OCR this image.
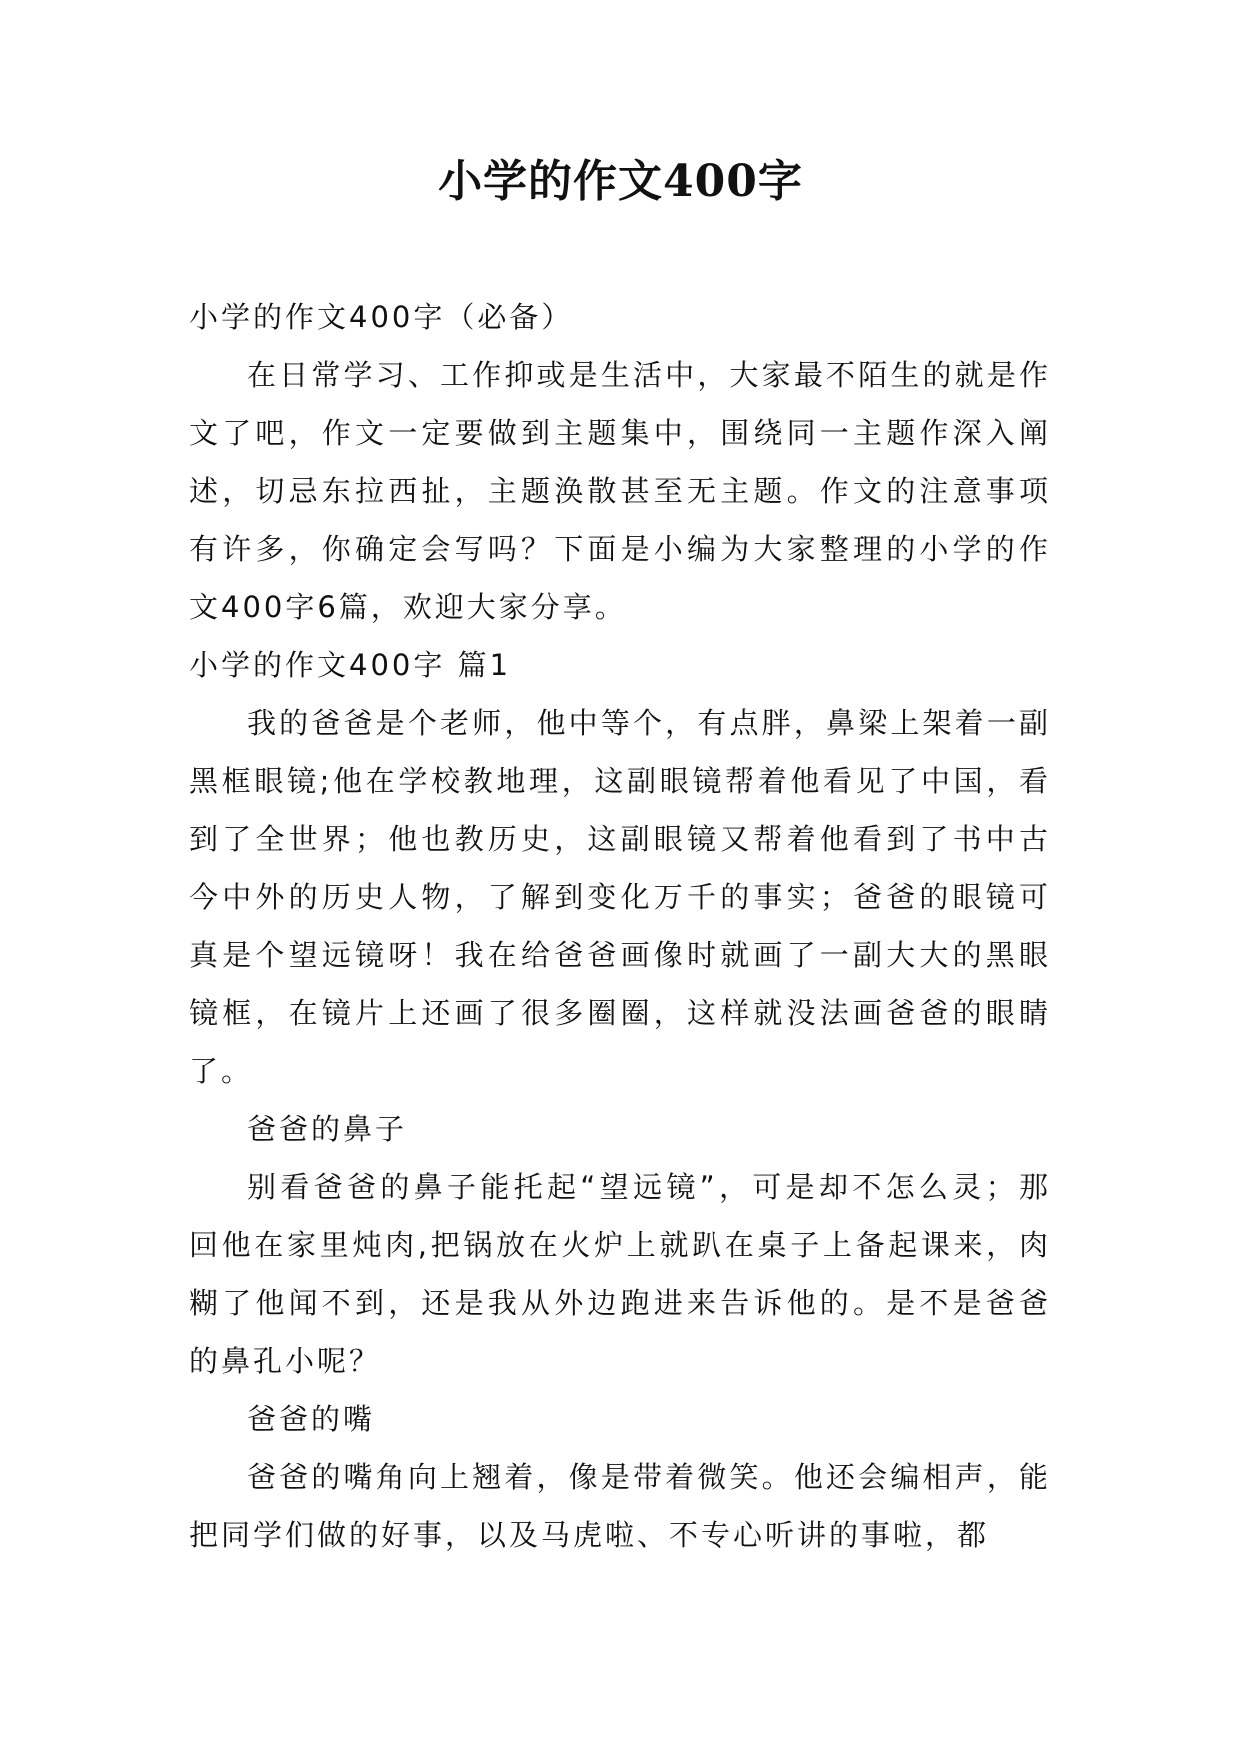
小学的作文400字

小学的作文400字（必备）

在日常学习、工作抑或是生活中，大家最不陌生的就是作文了吧，作文一定要做到主题集中，围绕同一主题作深入阐述，切忌东拉西扯，主题涣散甚至无主题。作文的注意事项有许多，你确定会写吗？下面是小编为大家整理的小学的作文400字6篇，欢迎大家分享。

小学的作文400字 篇1

我的爸爸是个老师，他中等个，有点胖，鼻梁上架着一副黑框眼镜;他在学校教地理，这副眼镜帮着他看见了中国，看到了全世界；他也教历史，这副眼镜又帮着他看到了书中古今中外的历史人物，了解到变化万千的事实；爸爸的眼镜可真是个望远镜呀！我在给爸爸画像时就画了一副大大的黑眼镜框，在镜片上还画了很多圈圈，这样就没法画爸爸的眼睛了。

爸爸的鼻子

别看爸爸的鼻子能托起“望远镜”，可是却不怎么灵；那回他在家里炖肉,把锅放在火炉上就趴在桌子上备起课来，肉糊了他闻不到，还是我从外边跑进来告诉他的。是不是爸爸的鼻孔小呢？

爸爸的嘴

爸爸的嘴角向上翘着，像是带着微笑。他还会编相声，能把同学们做的好事，以及马虎啦、不专心听讲的事啦，都
